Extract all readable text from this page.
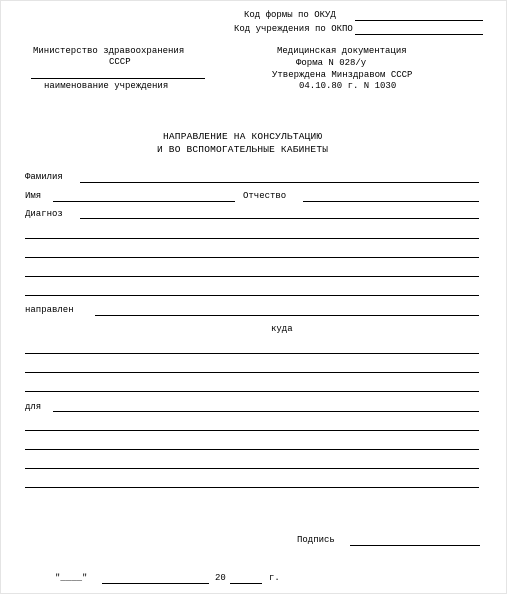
Код формы по ОКУД
Код учреждения по ОКПО
Министерство здравоохранения
СССР
наименование учреждения
Медицинская документация
Форма N 028/у
Утверждена Минздравом СССР
04.10.80 г. N 1030
НАПРАВЛЕНИЕ НА КОНСУЛЬТАЦИЮ
И ВО ВСПОМОГАТЕЛЬНЫЕ КАБИНЕТЫ
Фамилия
Имя	Отчество
Диагноз
направлен
куда
для
Подпись
"____"	20	г.
